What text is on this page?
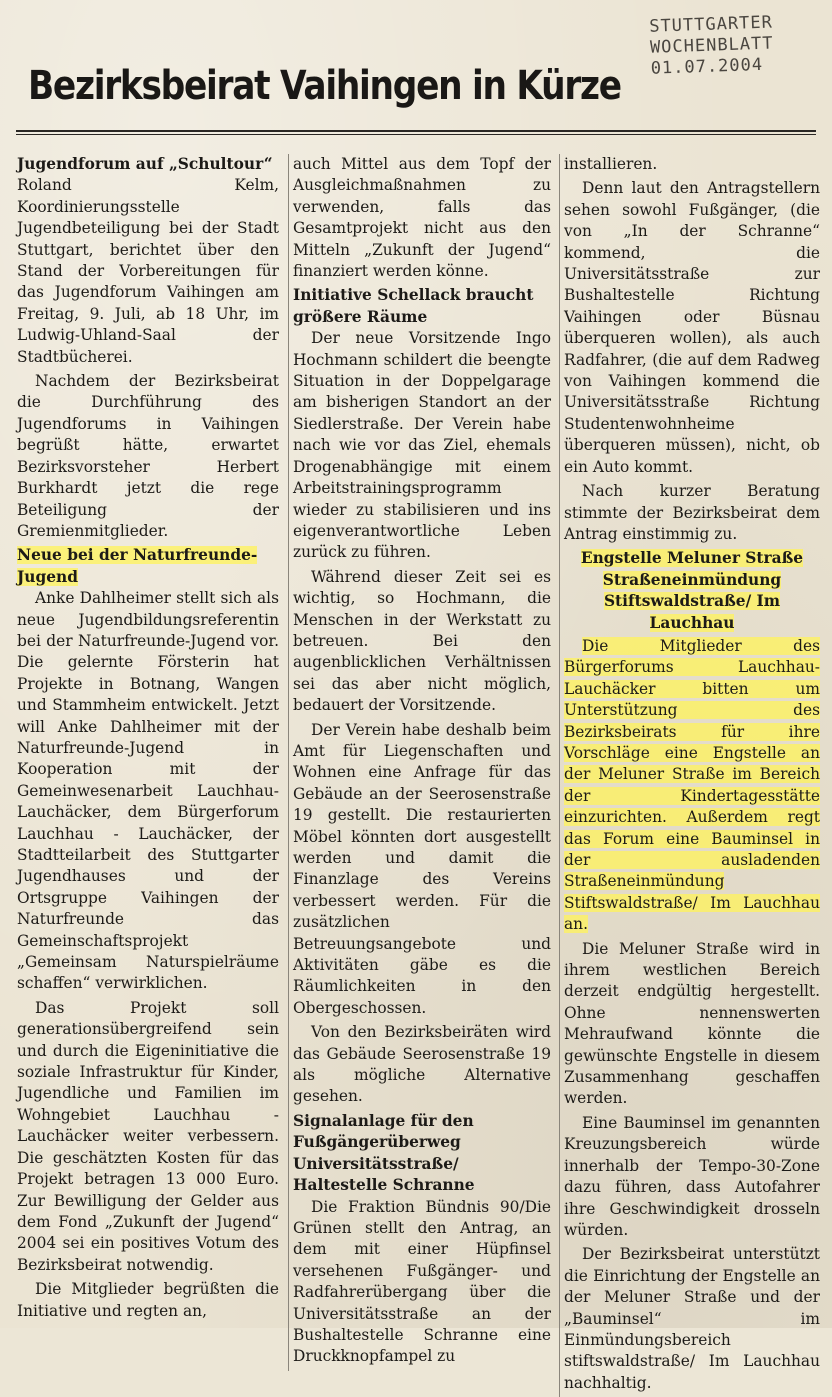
STUTTGARTER
WOCHENBLATT
01.07.2004
Bezirksbeirat Vaihingen in Kürze

Jugendforum auf „Schultour“

Roland Kelm, Koordinierungsstelle Jugendbeteiligung bei der Stadt Stuttgart, berichtet über den Stand der Vorbereitungen für das Jugendforum Vaihingen am Freitag, 9. Juli, ab 18 Uhr, im Ludwig-Uhland-Saal der Stadtbücherei.

Nachdem der Bezirksbeirat die Durchführung des Jugendforums in Vaihingen begrüßt hätte, erwartet Bezirksvorsteher Herbert Burkhardt jetzt die rege Beteiligung der Gremienmitglieder.

Neue bei der Naturfreunde-Jugend

Anke Dahlheimer stellt sich als neue Jugendbildungsreferentin bei der Naturfreunde-Jugend vor. Die gelernte Försterin hat Projekte in Botnang, Wangen und Stammheim entwickelt. Jetzt will Anke Dahlheimer mit der Naturfreunde-Jugend in Kooperation mit der Gemeinwesenarbeit Lauchhau-Lauchäcker, dem Bürgerforum Lauchhau - Lauchäcker, der Stadtteilarbeit des Stuttgarter Jugendhauses und der Ortsgruppe Vaihingen der Naturfreunde das Gemeinschaftsprojekt „Gemeinsam Naturspielräume schaffen“ verwirklichen.

Das Projekt soll generationsübergreifend sein und durch die Eigeninitiative die soziale Infrastruktur für Kinder, Jugendliche und Familien im Wohngebiet Lauchhau - Lauchäcker weiter verbessern. Die geschätzten Kosten für das Projekt betragen 13 000 Euro. Zur Bewilligung der Gelder aus dem Fond „Zukunft der Jugend“ 2004 sei ein positives Votum des Bezirksbeirat notwendig.

Die Mitglieder begrüßten die Initiative und regten an,

auch Mittel aus dem Topf der Ausgleichmaßnahmen zu verwenden, falls das Gesamtprojekt nicht aus den Mitteln „Zukunft der Jugend“ finanziert werden könne.

Initiative Schellack braucht größere Räume

Der neue Vorsitzende Ingo Hochmann schildert die beengte Situation in der Doppelgarage am bisherigen Standort an der Siedlerstraße. Der Verein habe nach wie vor das Ziel, ehemals Drogenabhängige mit einem Arbeitstrainingsprogramm wieder zu stabilisieren und ins eigenverantwortliche Leben zurück zu führen.

Während dieser Zeit sei es wichtig, so Hochmann, die Menschen in der Werkstatt zu betreuen. Bei den augenblicklichen Verhältnissen sei das aber nicht möglich, bedauert der Vorsitzende.

Der Verein habe deshalb beim Amt für Liegenschaften und Wohnen eine Anfrage für das Gebäude an der Seerosenstraße 19 gestellt. Die restaurierten Möbel könnten dort ausgestellt werden und damit die Finanzlage des Vereins verbessert werden. Für die zusätzlichen Betreuungsangebote und Aktivitäten gäbe es die Räumlichkeiten in den Obergeschossen.

Von den Bezirksbeiräten wird das Gebäude Seerosenstraße 19 als mögliche Alternative gesehen.

Signalanlage für den Fußgängerüberweg Universitätsstraße/ Haltestelle Schranne

Die Fraktion Bündnis 90/Die Grünen stellt den Antrag, an dem mit einer Hüpfinsel versehenen Fußgänger- und Radfahrerübergang über die Universitätsstraße an der Bushaltestelle Schranne eine Druckknopfampel zu

installieren.

Denn laut den Antragstellern sehen sowohl Fußgänger, (die von „In der Schranne“ kommend, die Universitätsstraße zur Bushaltestelle Richtung Vaihingen oder Büsnau überqueren wollen), als auch Radfahrer, (die auf dem Radweg von Vaihingen kommend die Universitätsstraße Richtung Studentenwohnheime überqueren müssen), nicht, ob ein Auto kommt.

Nach kurzer Beratung stimmte der Bezirksbeirat dem Antrag einstimmig zu.

Engstelle Meluner Straße Straßeneinmündung Stiftswaldstraße/ Im Lauchhau

Die Mitglieder des Bürgerforums Lauchhau-Lauchäcker bitten um Unterstützung des Bezirksbeirats für ihre Vorschläge eine Engstelle an der Meluner Straße im Bereich der Kindertagesstätte einzurichten. Außerdem regt das Forum eine Bauminsel in der ausladenden Straßeneinmündung Stiftswaldstraße/ Im Lauchhau an.

Die Meluner Straße wird in ihrem westlichen Bereich derzeit endgültig hergestellt. Ohne nennenswerten Mehraufwand könnte die gewünschte Engstelle in diesem Zusammenhang geschaffen werden.

Eine Bauminsel im genannten Kreuzungsbereich würde innerhalb der Tempo-30-Zone dazu führen, dass Autofahrer ihre Geschwindigkeit drosseln würden.

Der Bezirksbeirat unterstützt die Einrichtung der Engstelle an der Meluner Straße und der „Bauminsel“ im Einmündungsbereich stiftswaldstraße/ Im Lauchhau nachhaltig.
